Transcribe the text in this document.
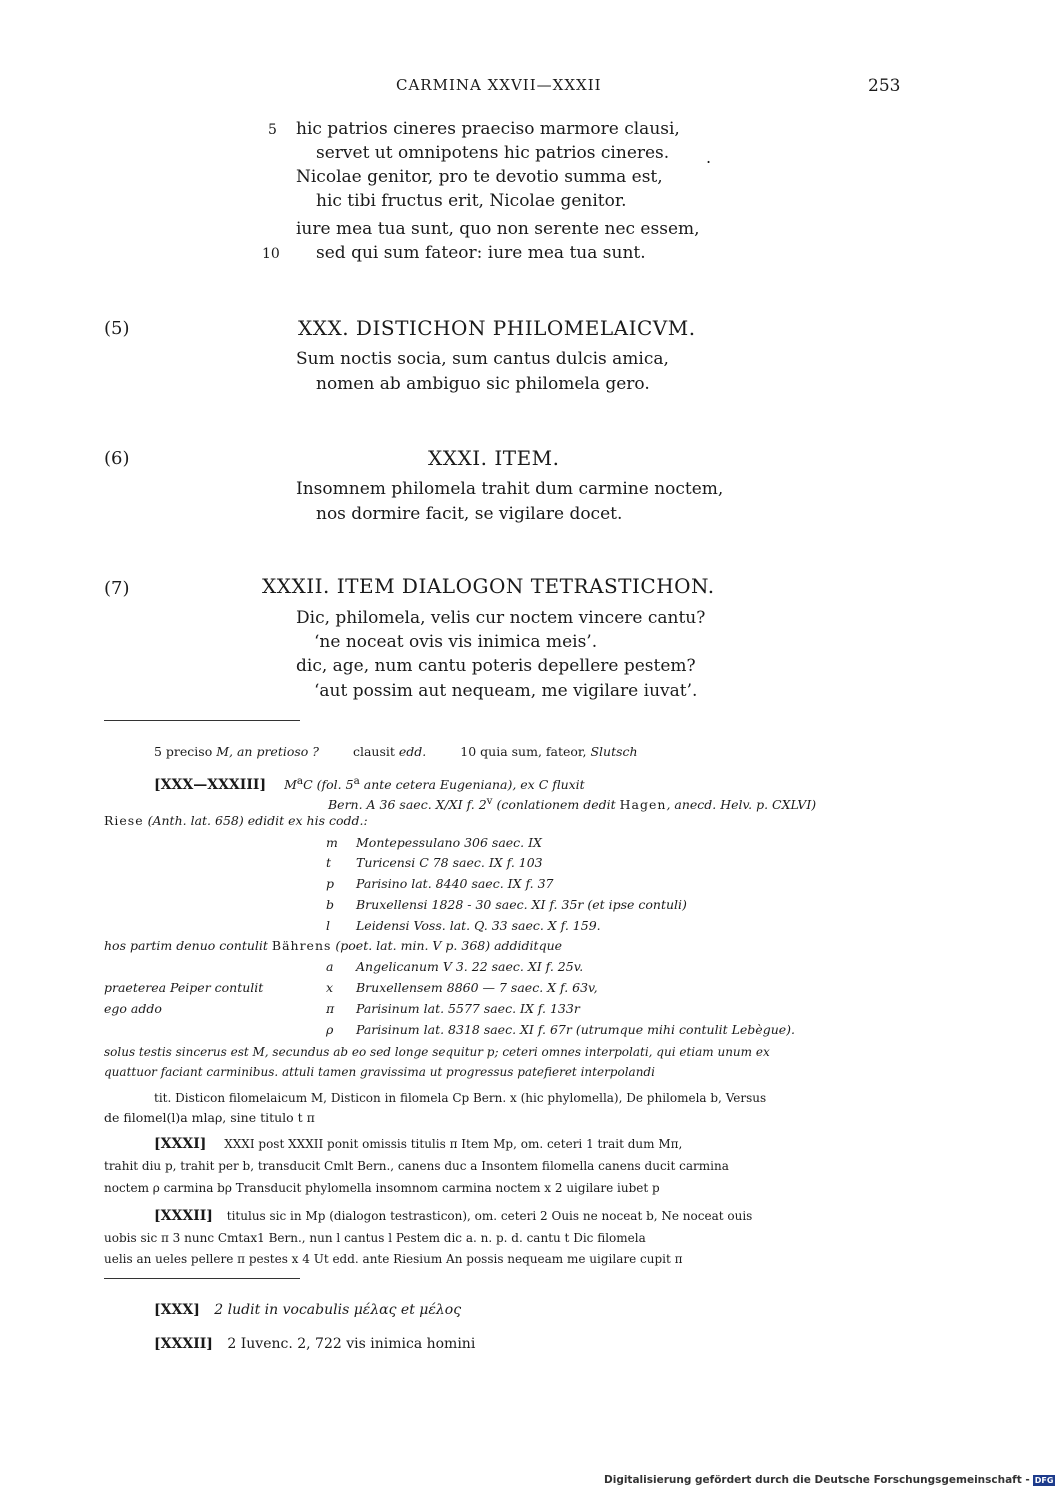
CARMINA XXVII—XXXII	253
5 hic patrios cineres praeciso marmore clausi,
servet ut omnipotens hic patrios cineres. .
Nicolae genitor, pro te devotio summa est,
hic tibi fructus erit, Nicolae genitor.
iure mea tua sunt, quo non serente nec essem,
10 sed qui sum fateor: iure mea tua sunt.
(5)	XXX. DISTICHON PHILOMELAICVM.
Sum noctis socia, sum cantus dulcis amica,
nomen ab ambiguo sic philomela gero.
(6)	XXXI. ITEM.
Insomnem philomela trahit dum carmine noctem,
nos dormire facit, se vigilare docet.
(7)	XXXII. ITEM DIALOGON TETRASTICHON.
Dic, philomela, velis cur noctem vincere cantu?
‘ne noceat ovis vis inimica meis’.
dic, age, num cantu poteris depellere pestem?
‘aut possim aut nequeam, me vigilare iuvat’.
5 preciso M, an pretioso ?	clausit edd.	10 quia sum, fateor, Slutsch
[XXX—XXXIII] $M^aC$ (fol. 5$^a$ ante cetera Eugeniana), ex C fluxit
Bern. A 36 saec. X/XI f. 2$^v$ (conlationem dedit Hagen, anecd. Helv. p. CXLVI)
Riese (Anth. lat. 658) edidit ex his codd.:
m Montepessulano 306 saec. IX
t Turicensi C 78 saec. IX f. 103
p Parisino lat. 8440 saec. IX f. 37
b Bruxellensi 1828 - 30 saec. XI f. 35r (et ipse contuli)
l Leidensi Voss. lat. Q. 33 saec. X f. 159.
hos partim denuo contulit Bährens (poet. lat. min. V p. 368) addiditque
a Angelicanum V 3. 22 saec. XI f. 25v.
praeterea Peiper contulit	x Bruxellensem 8860 — 7 saec. X f. 63v,
ego addo	π Parisinum lat. 5577 saec. IX f. 133r
ρ Parisinum lat. 8318 saec. XI f. 67r (utrumque mihi contulit Lebègue).
solus testis sincerus est M, secundus ab eo sed longe sequitur p; ceteri omnes interpolati, qui etiam unum ex
quattuor faciant carminibus. attuli tamen gravissima ut progressus patefieret interpolandi
tit. Disticon filomelaicum M, Disticon in filomela Cp Bern. x (hic phylomella), De philomela b, Versus
de filomel(l)a mlaρ, sine titulo t π
[XXXI] XXXI post XXXII ponit omissis titulis π Item Mp, om. ceteri 1 trait dum Mπ,
trahit diu p, trahit per b, transducit Cmlt Bern., canens duc a Insontem filomella canens ducit carmina
noctem ρ carmina bρ Transducit phylomella insomnom carmina noctem x 2 uigilare iubet p
[XXXII] titulus sic in Mp (dialogon testrasticon), om. ceteri 2 Ouis ne noceat b, Ne noceat ouis
uobis sic π 3 nunc Cmtax1 Bern., nun l cantus l Pestem dic a. n. p. d. cantu t Dic filomela
uelis an ueles pellere π pestes x 4 Ut edd. ante Riesium An possis nequeam me uigilare cupit π
[XXX] 2 ludit in vocabulis μέλας et μέλος
[XXXII] 2 Iuvenc. 2, 722 vis inimica homini
Digitalisierung gefördert durch die Deutsche Forschungsgemeinschaft - DFG
